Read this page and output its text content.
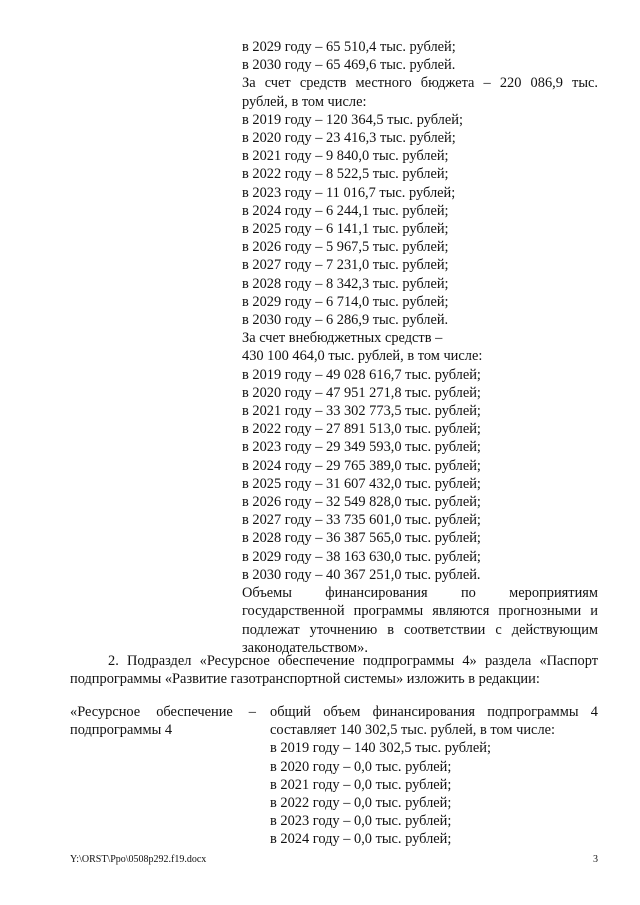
в 2029 году – 65 510,4 тыс. рублей;
в 2030 году – 65 469,6 тыс. рублей.
За счет средств местного бюджета – 220 086,9 тыс.
рублей, в том числе:
в 2019 году – 120 364,5 тыс. рублей;
в 2020 году – 23 416,3 тыс. рублей;
в 2021 году – 9 840,0 тыс. рублей;
в 2022 году – 8 522,5 тыс. рублей;
в 2023 году – 11 016,7 тыс. рублей;
в 2024 году – 6 244,1 тыс. рублей;
в 2025 году – 6 141,1 тыс. рублей;
в 2026 году – 5 967,5 тыс. рублей;
в 2027 году – 7 231,0 тыс. рублей;
в 2028 году – 8 342,3 тыс. рублей;
в 2029 году – 6 714,0 тыс. рублей;
в 2030 году – 6 286,9 тыс. рублей.
За счет внебюджетных средств –
430 100 464,0 тыс. рублей, в том числе:
в 2019 году – 49 028 616,7 тыс. рублей;
в 2020 году – 47 951 271,8 тыс. рублей;
в 2021 году – 33 302 773,5 тыс. рублей;
в 2022 году – 27 891 513,0 тыс. рублей;
в 2023 году – 29 349 593,0 тыс. рублей;
в 2024 году – 29 765 389,0 тыс. рублей;
в 2025 году – 31 607 432,0 тыс. рублей;
в 2026 году – 32 549 828,0 тыс. рублей;
в 2027 году – 33 735 601,0 тыс. рублей;
в 2028 году – 36 387 565,0 тыс. рублей;
в 2029 году – 38 163 630,0 тыс. рублей;
в 2030 году – 40 367 251,0 тыс. рублей.
Объемы финансирования по мероприятиям государственной программы являются прогнозными и подлежат уточнению в соответствии с действующим законодательством».
2. Подраздел «Ресурсное обеспечение подпрограммы 4» раздела «Паспорт подпрограммы «Развитие газотранспортной системы» изложить в редакции:
«Ресурсное обеспечение –
подпрограммы 4
общий объем финансирования подпрограммы 4
составляет 140 302,5 тыс. рублей, в том числе:
в 2019 году – 140 302,5 тыс. рублей;
в 2020 году – 0,0 тыс. рублей;
в 2021 году – 0,0 тыс. рублей;
в 2022 году – 0,0 тыс. рублей;
в 2023 году – 0,0 тыс. рублей;
в 2024 году – 0,0 тыс. рублей;
Y:\ORST\Ppo\0508p292.f19.docx	3
